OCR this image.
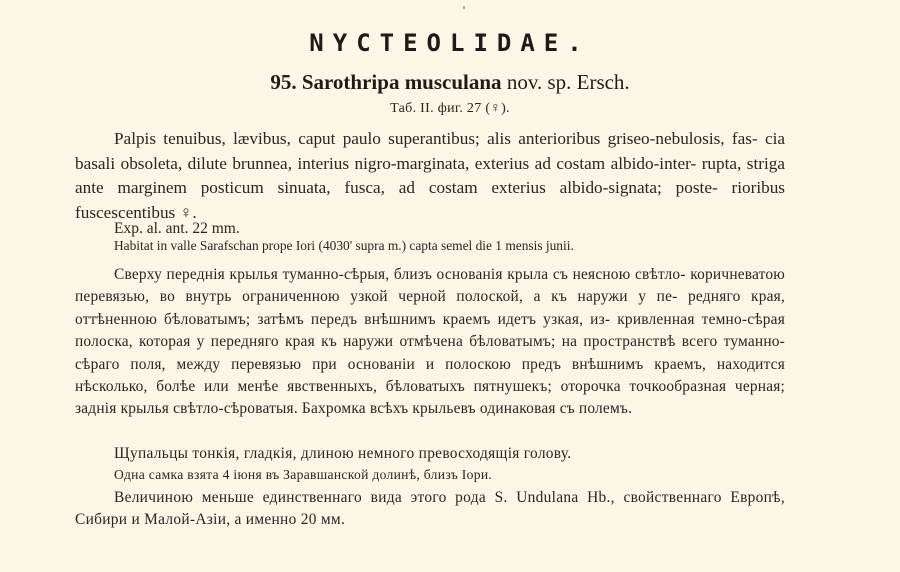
NYCTEOLIDAE.
95. Sarothripa musculana nov. sp. Ersch.
Таб. II. фиг. 27 (♀).

Palpis tenuibus, lævibus, caput paulo superantibus; alis anterioribus griseo-nebulosis, fas- cia basali obsoleta, dilute brunnea, interius nigro-marginata, exterius ad costam albido-inter- rupta, striga ante marginem posticum sinuata, fusca, ad costam exterius albido-signata; poste- rioribus fuscescentibus ♀.

Exp. al. ant. 22 mm.
Habitat in valle Sarafschan prope Iori (4030' supra m.) capta semel die 1 mensis junii.

Сверху переднія крылья туманно-сѣрыя, близъ основанія крыла съ неясною свѣтло- коричневатою перевязью, во внутрь ограниченною узкой черной полоской, а къ наружи у пе- редняго края, оттѣненною бѣловатымъ; затѣмъ передъ внѣшнимъ краемъ идетъ узкая, из- кривленная темно-сѣрая полоска, которая у передняго края къ наружи отмѣчена бѣловатымъ; на пространствѣ всего туманно-сѣраго поля, между перевязью при основаніи и полоскою предъ внѣшнимъ краемъ, находится нѣсколько, болѣе или менѣе явственныхъ, бѣловатыхъ пятнушекъ; оторочка точкообразная черная; заднія крылья свѣтло-сѣроватыя. Бахромка всѣхъ крыльевъ одинаковая съ полемъ.

Щупальцы тонкія, гладкія, длиною немного превосходящія голову.
Одна самка взята 4 іюня въ Заравшанской долинѣ, близъ Іори.

Величиною меньше единственнаго вида этого рода S. Undulana Hb., свойственнаго Европѣ, Сибири и Малой-Азіи, а именно 20 мм.
